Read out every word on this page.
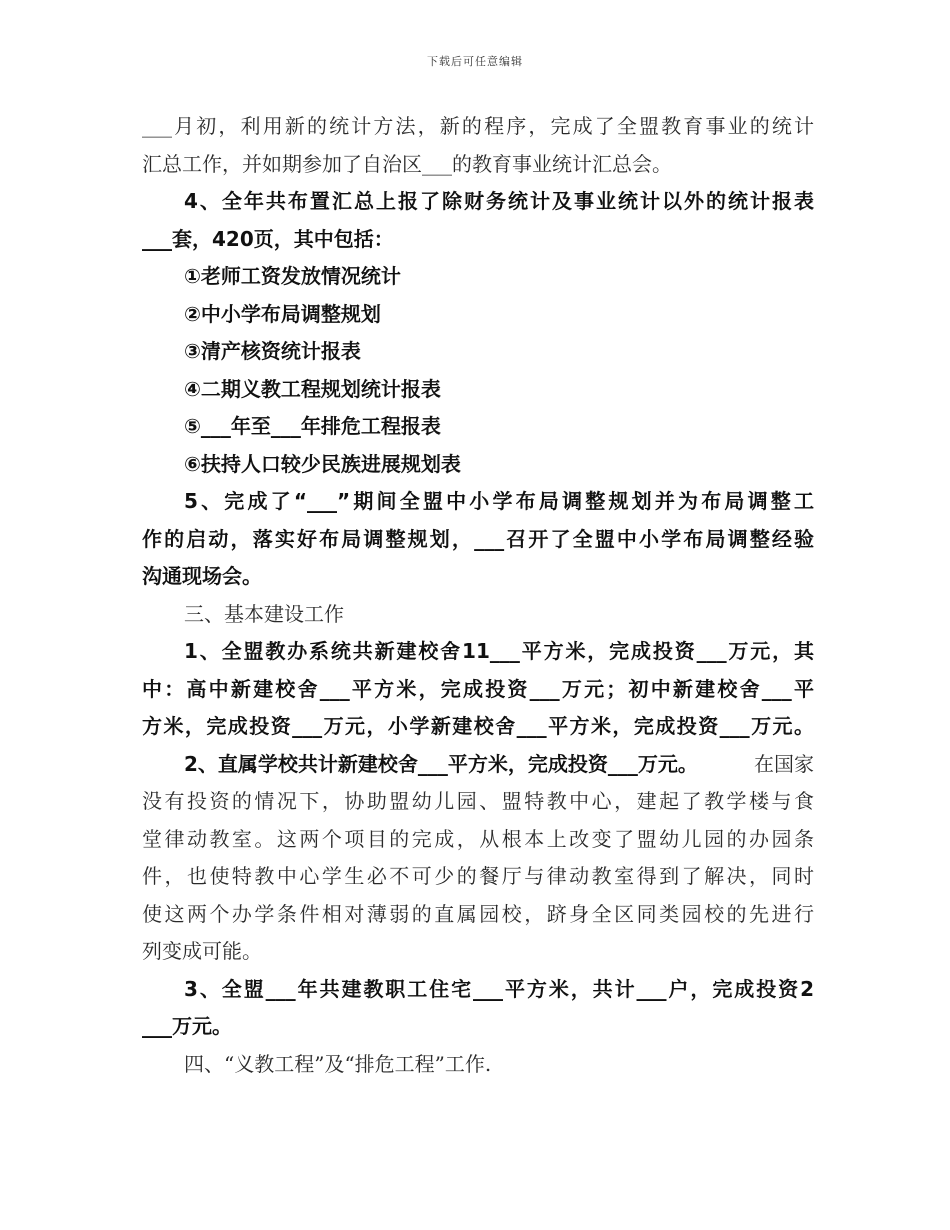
下载后可任意编辑
___月初，利用新的统计方法，新的程序，完成了全盟教育事业的统计
汇总工作，并如期参加了自治区___的教育事业统计汇总会。
4、全年共布置汇总上报了除财务统计及事业统计以外的统计报表
___套，420页，其中包括：
①老师工资发放情况统计
②中小学布局调整规划
③清产核资统计报表
④二期义教工程规划统计报表
⑤___年至___年排危工程报表
⑥扶持人口较少民族进展规划表
5、完成了“___”期间全盟中小学布局调整规划并为布局调整工
作的启动，落实好布局调整规划，___召开了全盟中小学布局调整经验
沟通现场会。
三、基本建设工作
1、全盟教办系统共新建校舍11___平方米，完成投资___万元，其
中：高中新建校舍___平方米，完成投资___万元；初中新建校舍___平
方米，完成投资___万元，小学新建校舍___平方米，完成投资___万元。
2、直属学校共计新建校舍___平方米，完成投资___万元。	在国家
没有投资的情况下，协助盟幼儿园、盟特教中心，建起了教学楼与食
堂律动教室。这两个项目的完成，从根本上改变了盟幼儿园的办园条
件，也使特教中心学生必不可少的餐厅与律动教室得到了解决，同时
使这两个办学条件相对薄弱的直属园校，跻身全区同类园校的先进行
列变成可能。
3、全盟___年共建教职工住宅___平方米，共计___户，完成投资2
___万元。
四、“义教工程”及“排危工程”工作.
